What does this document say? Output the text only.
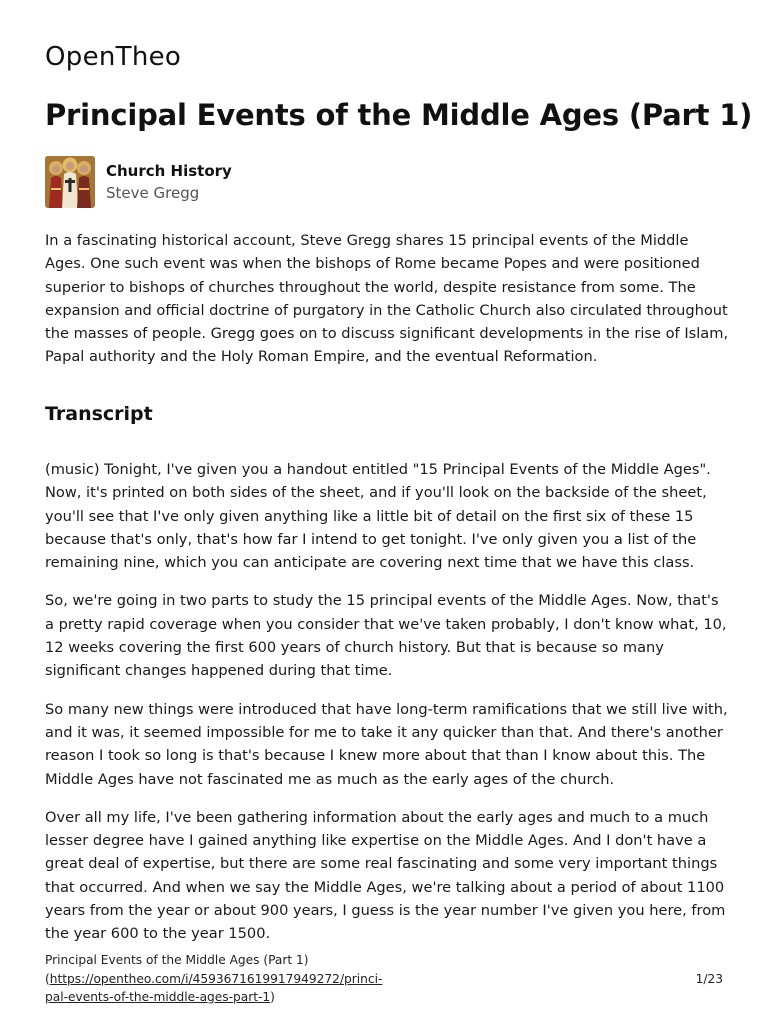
OpenTheo
Principal Events of the Middle Ages (Part 1)
Church History
Steve Gregg

In a fascinating historical account, Steve Gregg shares 15 principal events of the Middle Ages. One such event was when the bishops of Rome became Popes and were positioned superior to bishops of churches throughout the world, despite resistance from some. The expansion and official doctrine of purgatory in the Catholic Church also circulated throughout the masses of people. Gregg goes on to discuss significant developments in the rise of Islam, Papal authority and the Holy Roman Empire, and the eventual Reformation.

Transcript

(music) Tonight, I've given you a handout entitled "15 Principal Events of the Middle Ages". Now, it's printed on both sides of the sheet, and if you'll look on the backside of the sheet, you'll see that I've only given anything like a little bit of detail on the first six of these 15 because that's only, that's how far I intend to get tonight. I've only given you a list of the remaining nine, which you can anticipate are covering next time that we have this class.

So, we're going in two parts to study the 15 principal events of the Middle Ages. Now, that's a pretty rapid coverage when you consider that we've taken probably, I don't know what, 10, 12 weeks covering the first 600 years of church history. But that is because so many significant changes happened during that time.

So many new things were introduced that have long-term ramifications that we still live with, and it was, it seemed impossible for me to take it any quicker than that. And there's another reason I took so long is that's because I knew more about that than I know about this. The Middle Ages have not fascinated me as much as the early ages of the church.

Over all my life, I've been gathering information about the early ages and much to a much lesser degree have I gained anything like expertise on the Middle Ages. And I don't have a great deal of expertise, but there are some real fascinating and some very important things that occurred. And when we say the Middle Ages, we're talking about a period of about 1100 years from the year or about 900 years, I guess is the year number I've given you here, from the year 600 to the year 1500.

Principal Events of the Middle Ages (Part 1) (https://opentheo.com/i/4593671619917949272/princi-
pal-events-of-the-middle-ages-part-1)
1/23
